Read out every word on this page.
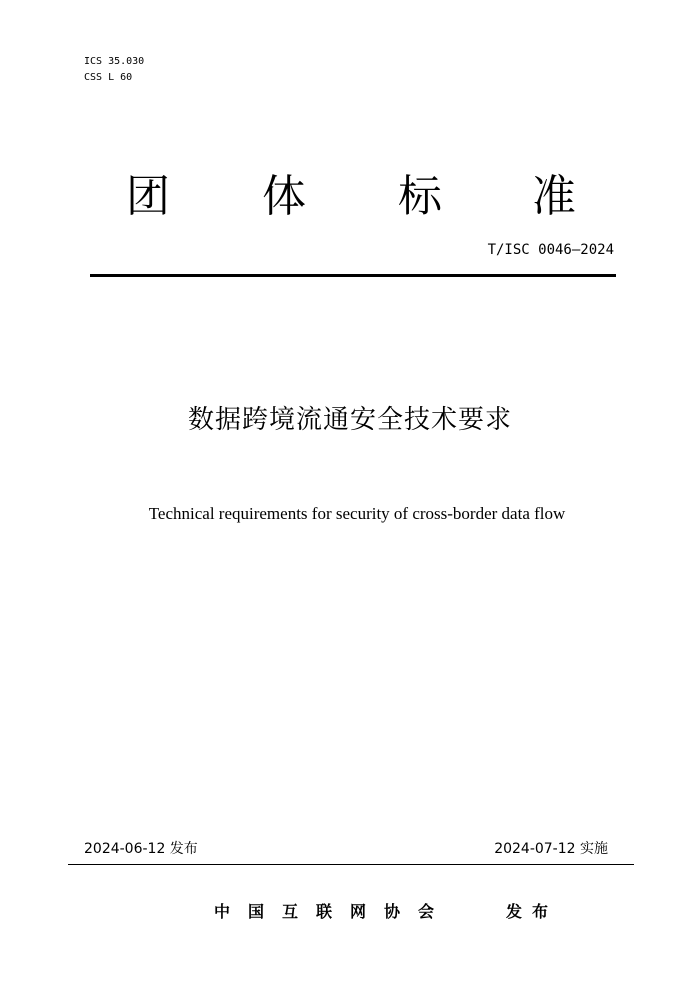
ICS 35.030
CSS L 60
团 体 标 准
T/ISC 0046—2024
数据跨境流通安全技术要求
Technical requirements for security of cross-border data flow
2024-06-12 发布	2024-07-12 实施
中国互联网协会	发布
